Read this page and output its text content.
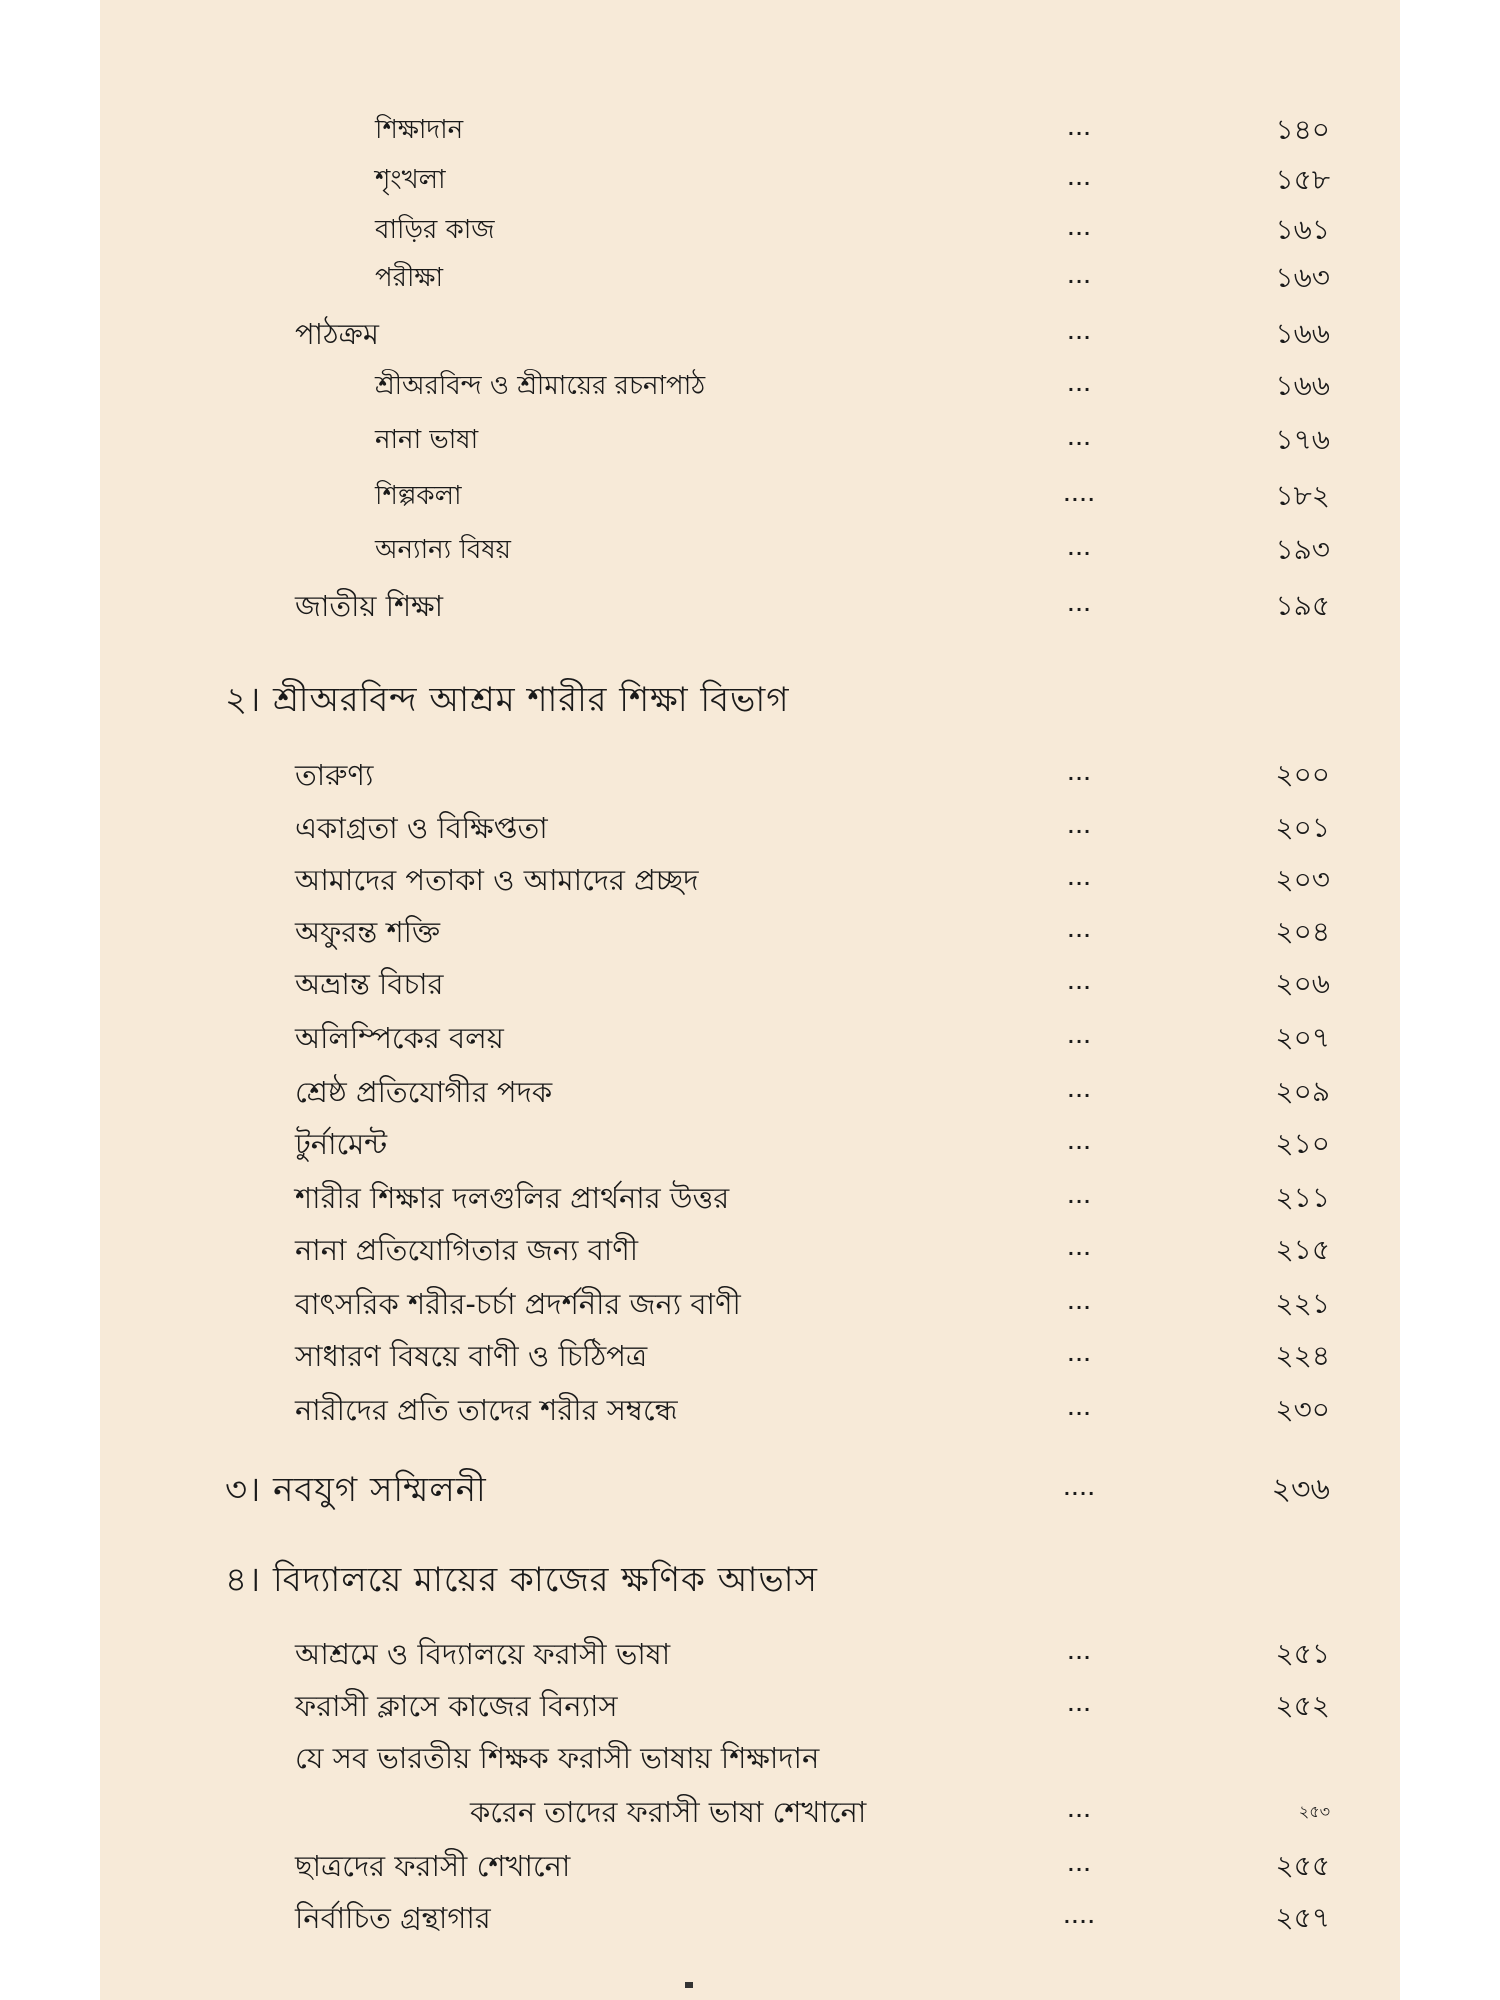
শিক্ষাদান	...	১৪০
শৃংখলা	...	১৫৮
বাড়ির কাজ	...	১৬১
পরীক্ষা	...	১৬৩
পাঠক্রম	...	১৬৬
শ্রীঅরবিন্দ ও শ্রীমায়ের রচনাপাঠ	...	১৬৬
নানা ভাষা	...	১৭৬
শিল্পকলা	....	১৮২
অন্যান্য বিষয়	...	১৯৩
জাতীয় শিক্ষা	...	১৯৫
২। শ্রীঅরবিন্দ আশ্রম শারীর শিক্ষা বিভাগ
তারুণ্য	...	২০০
একাগ্রতা ও বিক্ষিপ্ততা	...	২০১
আমাদের পতাকা ও আমাদের প্রচ্ছদ	...	২০৩
অফুরন্ত শক্তি	...	২০৪
অভ্রান্ত বিচার	...	২০৬
অলিম্পিকের বলয়	...	২০৭
শ্রেষ্ঠ প্রতিযোগীর পদক	...	২০৯
টুর্নামেন্ট	...	২১০
শারীর শিক্ষার দলগুলির প্রার্থনার উত্তর	...	২১১
নানা প্রতিযোগিতার জন্য বাণী	...	২১৫
বাৎসরিক শরীর-চর্চা প্রদর্শনীর জন্য বাণী	...	২২১
সাধারণ বিষয়ে বাণী ও চিঠিপত্র	...	২২৪
নারীদের প্রতি তাদের শরীর সম্বন্ধে	...	২৩০
৩। নবযুগ সম্মিলনী	....	২৩৬
৪। বিদ্যালয়ে মায়ের কাজের ক্ষণিক আভাস
আশ্রমে ও বিদ্যালয়ে ফরাসী ভাষা	...	২৫১
ফরাসী ক্লাসে কাজের বিন্যাস	...	২৫২
যে সব ভারতীয় শিক্ষক ফরাসী ভাষায় শিক্ষাদান
করেন তাদের ফরাসী ভাষা শেখানো	...	২৫৩
ছাত্রদের ফরাসী শেখানো	...	২৫৫
নির্বাচিত গ্রন্থাগার	....	২৫৭
